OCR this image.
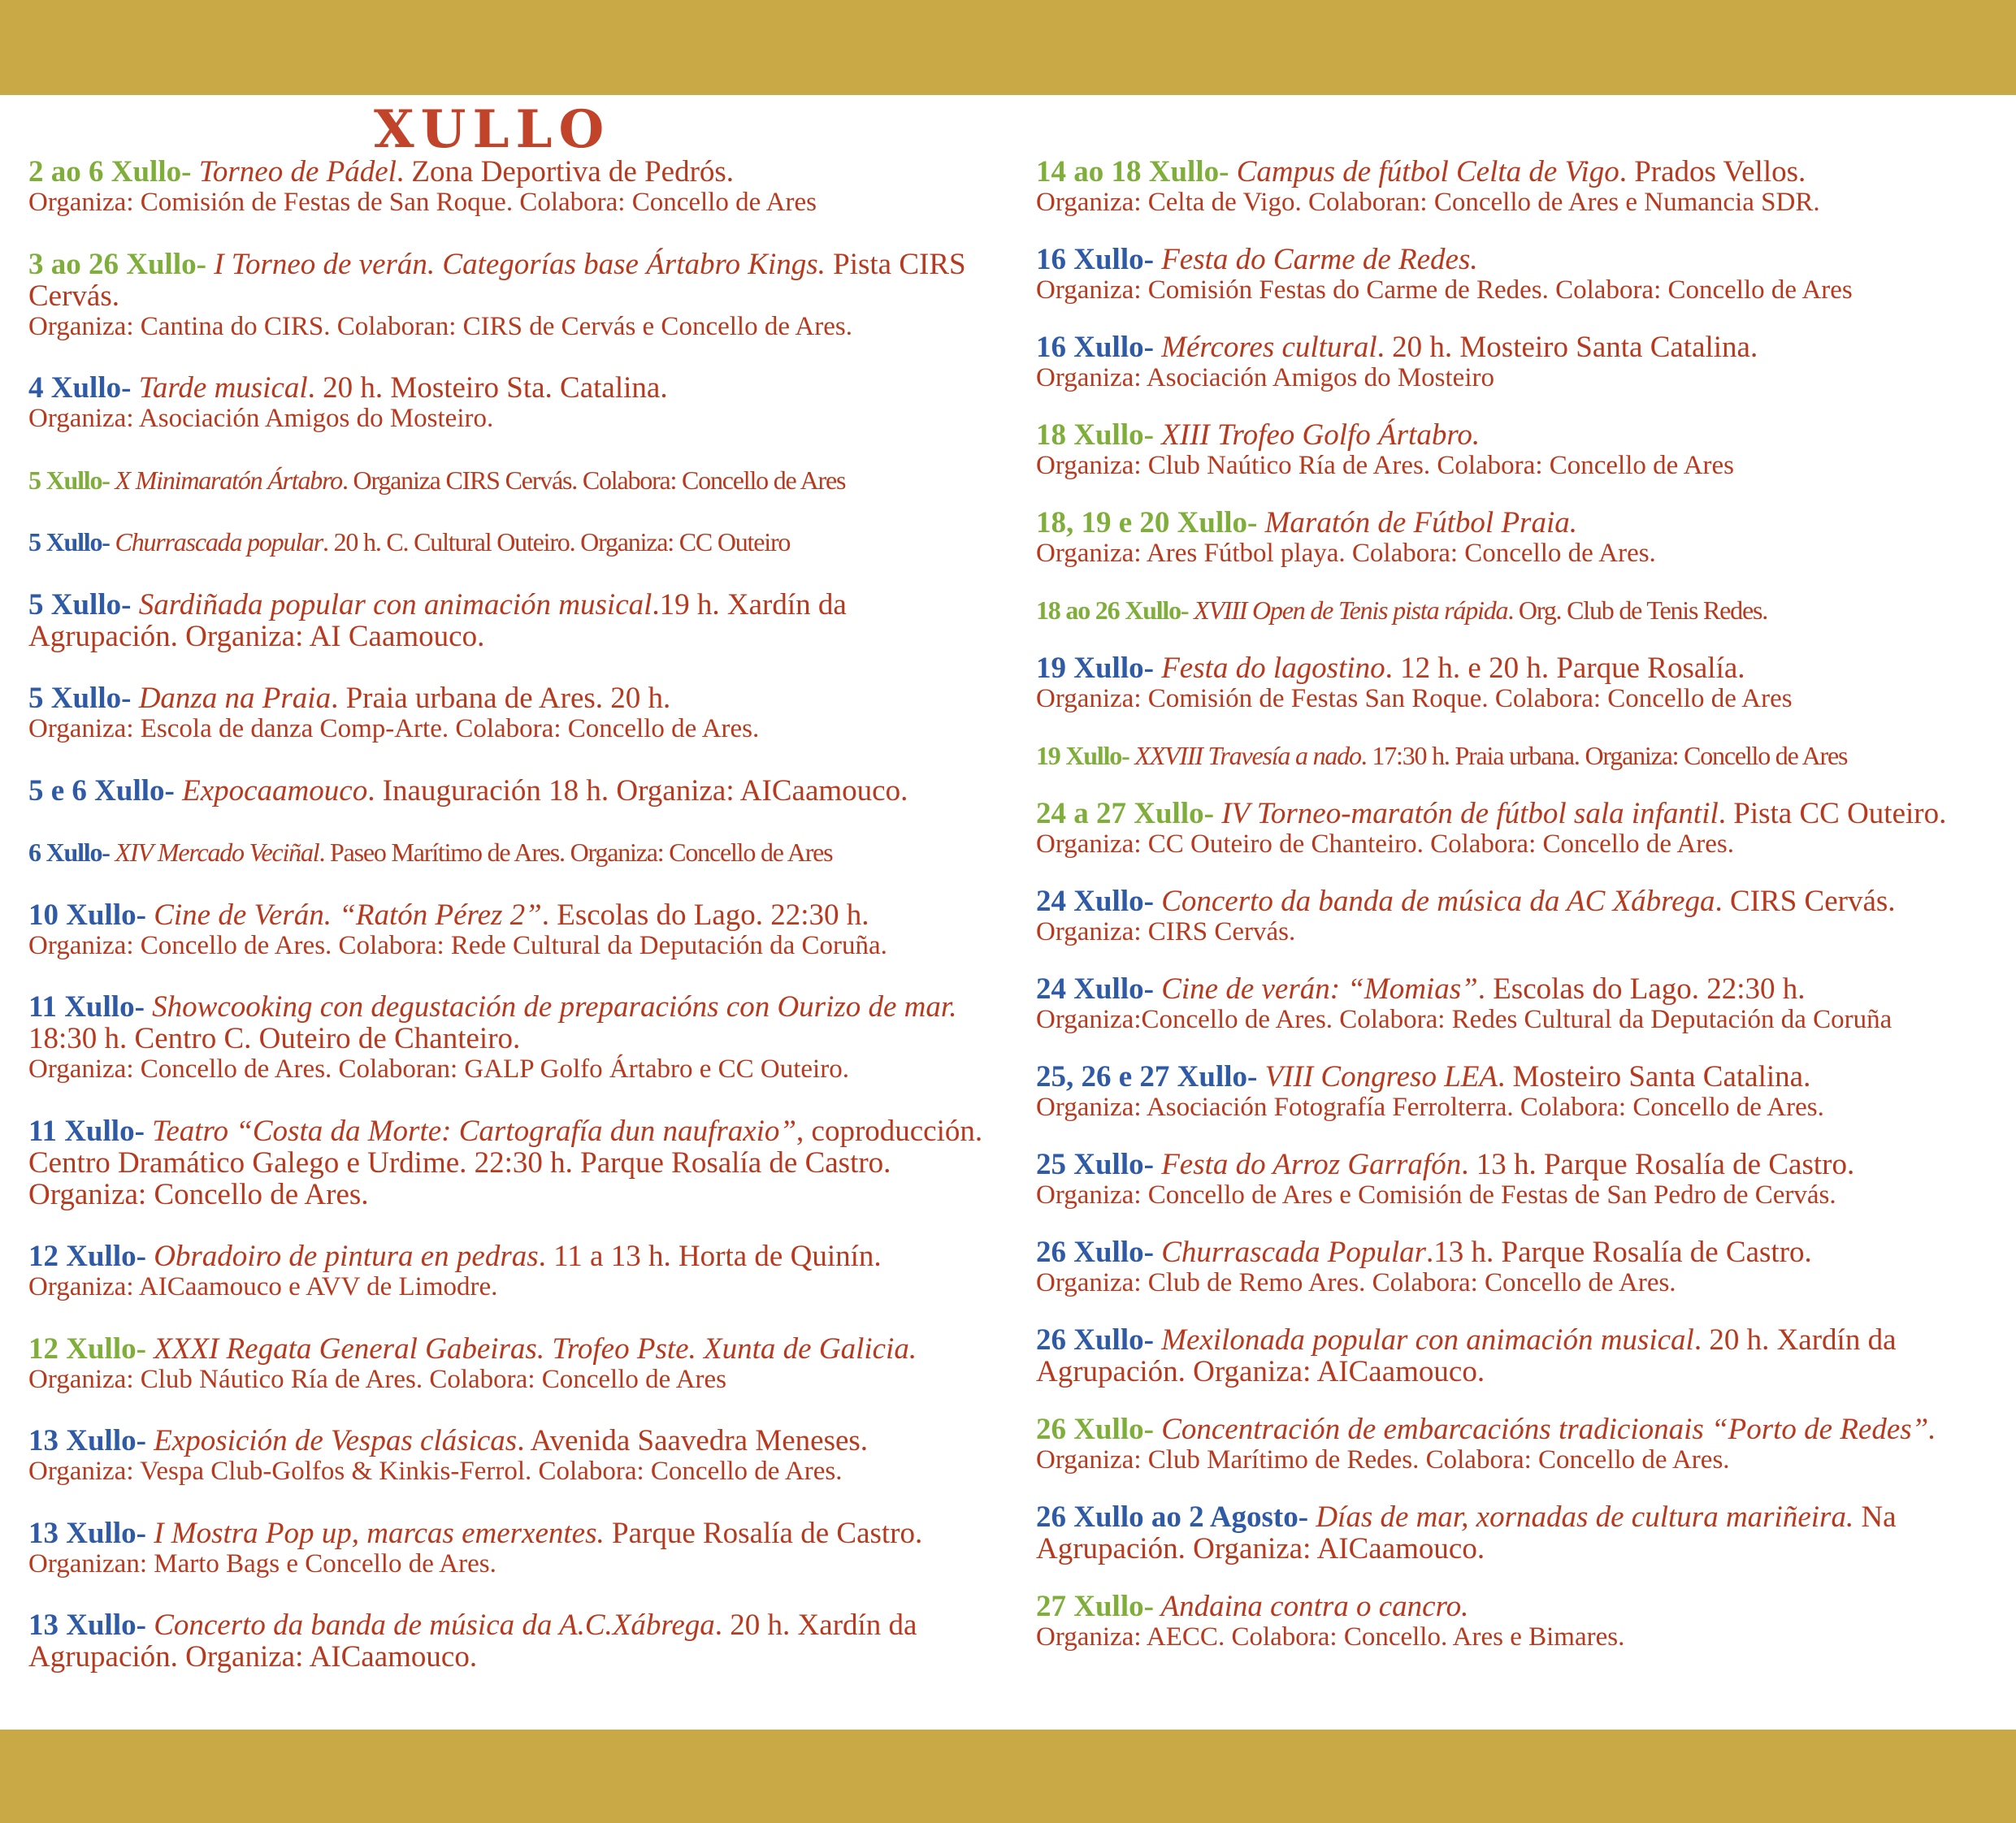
XULLO
2 ao 6 Xullo- Torneo de Pádel. Zona Deportiva de Pedrós.
Organiza: Comisión de Festas de San Roque. Colabora: Concello de Ares
3 ao 26 Xullo- I Torneo de verán. Categorías base Ártabro Kings. Pista CIRS Cervás.
Organiza: Cantina do CIRS. Colaboran: CIRS de Cervás e Concello de Ares.
4 Xullo- Tarde musical. 20 h. Mosteiro Sta. Catalina.
Organiza: Asociación Amigos do Mosteiro.
5 Xullo- X Minimaratón Ártabro. Organiza CIRS Cervás. Colabora: Concello de Ares
5 Xullo- Churrascada popular. 20 h. C. Cultural Outeiro. Organiza: CC Outeiro
5 Xullo- Sardiñada popular con animación musical.19 h. Xardín da Agrupación. Organiza: AI Caamouco.
5 Xullo- Danza na Praia. Praia urbana de Ares. 20 h.
Organiza: Escola de danza Comp-Arte. Colabora: Concello de Ares.
5 e 6 Xullo- Expocaamouco. Inauguración 18 h. Organiza: AICaamouco.
6 Xullo- XIV Mercado Veciñal. Paseo Marítimo de Ares. Organiza: Concello de Ares
10 Xullo- Cine de Verán. “Ratón Pérez 2”. Escolas do Lago. 22:30 h.
Organiza: Concello de Ares. Colabora: Rede Cultural da Deputación da Coruña.
11 Xullo- Showcooking con degustación de preparacións con Ourizo de mar. 18:30 h. Centro C. Outeiro de Chanteiro.
Organiza: Concello de Ares. Colaboran: GALP Golfo Ártabro e CC Outeiro.
11 Xullo- Teatro “Costa da Morte: Cartografía dun naufraxio”, coproducción. Centro Dramático Galego e Urdime. 22:30 h. Parque Rosalía de Castro. Organiza: Concello de Ares.
12 Xullo- Obradoiro de pintura en pedras. 11 a 13 h. Horta de Quinín.
Organiza: AICaamouco e AVV de Limodre.
12 Xullo- XXXI Regata General Gabeiras. Trofeo Pste. Xunta de Galicia.
Organiza: Club Náutico Ría de Ares. Colabora: Concello de Ares
13 Xullo- Exposición de Vespas clásicas. Avenida Saavedra Meneses.
Organiza: Vespa Club-Golfos & Kinkis-Ferrol. Colabora: Concello de Ares.
13 Xullo- I Mostra Pop up, marcas emerxentes. Parque Rosalía de Castro.
Organizan: Marto Bags e Concello de Ares.
13 Xullo- Concerto da banda de música da A.C.Xábrega. 20 h. Xardín da Agrupación. Organiza: AICaamouco.
14 ao 18 Xullo- Campus de fútbol Celta de Vigo. Prados Vellos.
Organiza: Celta de Vigo. Colaboran: Concello de Ares e Numancia SDR.
16 Xullo- Festa do Carme de Redes.
Organiza: Comisión Festas do Carme de Redes. Colabora: Concello de Ares
16 Xullo- Mércores cultural. 20 h. Mosteiro Santa Catalina.
Organiza: Asociación Amigos do Mosteiro
18 Xullo- XIII Trofeo Golfo Ártabro.
Organiza: Club Naútico Ría de Ares. Colabora: Concello de Ares
18, 19 e 20 Xullo- Maratón de Fútbol Praia.
Organiza: Ares Fútbol playa. Colabora: Concello de Ares.
18 ao 26 Xullo- XVIII Open de Tenis pista rápida. Org. Club de Tenis Redes.
19 Xullo- Festa do lagostino. 12 h. e 20 h. Parque Rosalía.
Organiza: Comisión de Festas San Roque. Colabora: Concello de Ares
19 Xullo- XXVIII Travesía a nado. 17:30 h. Praia urbana. Organiza: Concello de Ares
24 a 27 Xullo- IV Torneo-maratón de fútbol sala infantil. Pista CC Outeiro.
Organiza: CC Outeiro de Chanteiro. Colabora: Concello de Ares.
24 Xullo- Concerto da banda de música da AC Xábrega. CIRS Cervás.
Organiza: CIRS Cervás.
24 Xullo- Cine de verán: “Momias”. Escolas do Lago. 22:30 h.
Organiza:Concello de Ares. Colabora: Redes Cultural da Deputación da Coruña
25, 26 e 27 Xullo- VIII Congreso LEA. Mosteiro Santa Catalina.
Organiza: Asociación Fotografía Ferrolterra. Colabora: Concello de Ares.
25 Xullo- Festa do Arroz Garrafón. 13 h. Parque Rosalía de Castro.
Organiza: Concello de Ares e Comisión de Festas de San Pedro de Cervás.
26 Xullo- Churrascada Popular.13 h. Parque Rosalía de Castro.
Organiza: Club de Remo Ares. Colabora: Concello de Ares.
26 Xullo- Mexilonada popular con animación musical. 20 h. Xardín da Agrupación. Organiza: AICaamouco.
26 Xullo- Concentración de embarcacións tradicionais “Porto de Redes”.
Organiza: Club Marítimo de Redes. Colabora: Concello de Ares.
26 Xullo ao 2 Agosto- Días de mar, xornadas de cultura mariñeira. Na Agrupación. Organiza: AICaamouco.
27 Xullo- Andaina contra o cancro.
Organiza: AECC. Colabora: Concello. Ares e Bimares.
